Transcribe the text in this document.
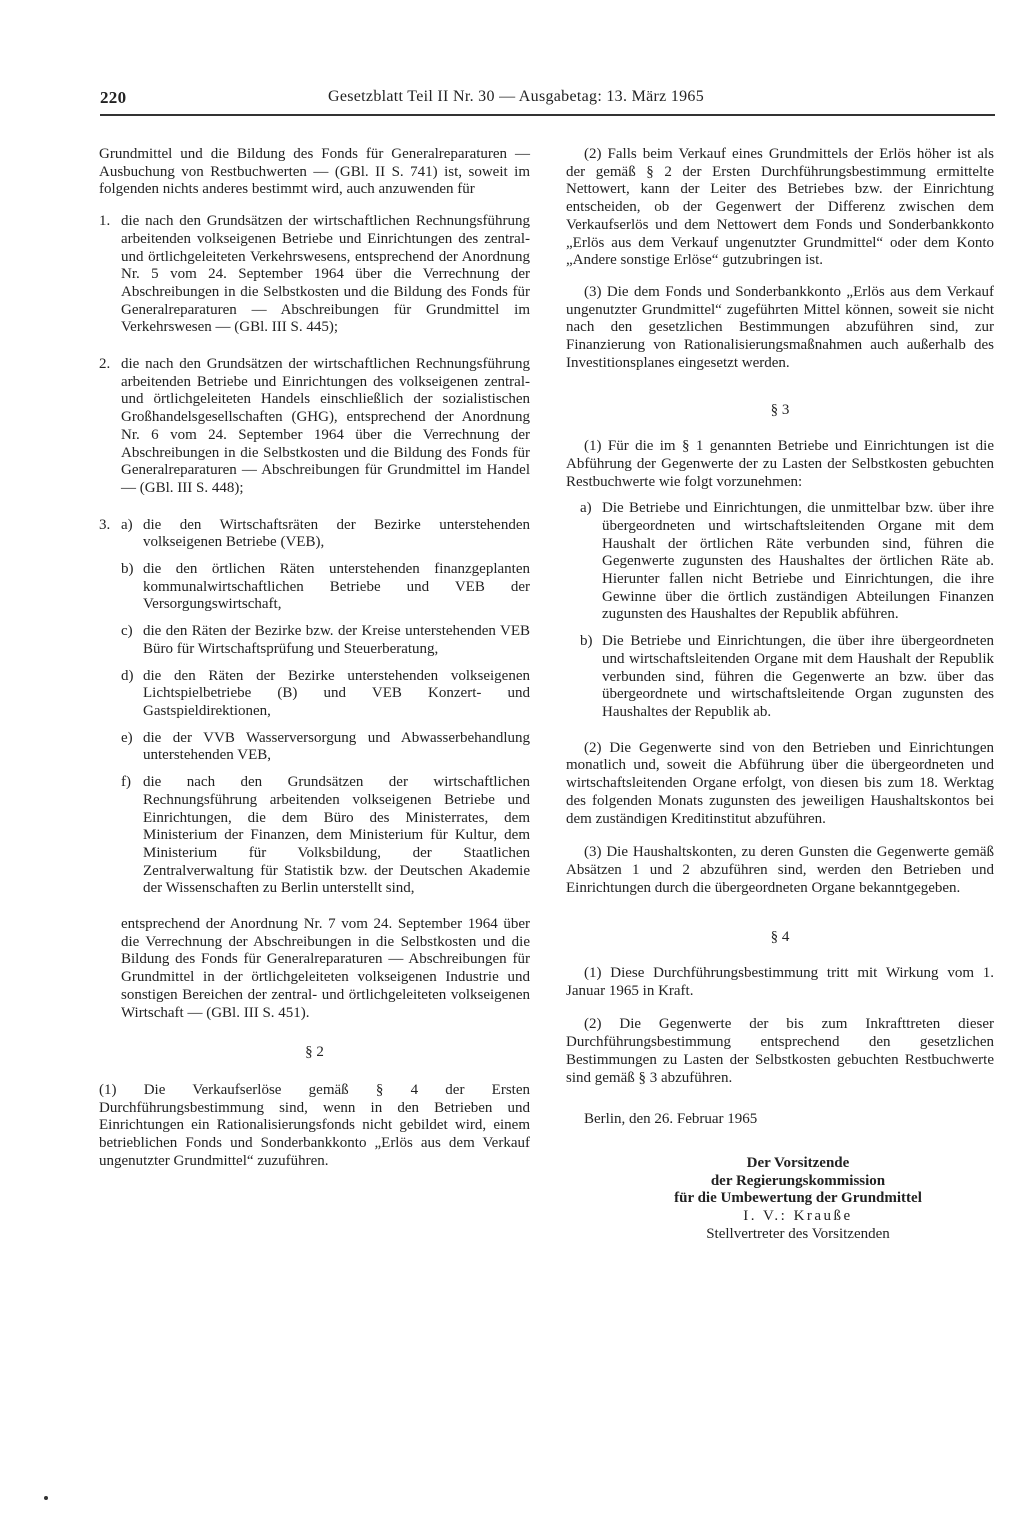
220	Gesetzblatt Teil II Nr. 30 — Ausgabetag: 13. März 1965

Grundmittel und die Bildung des Fonds für Generalreparaturen — Ausbuchung von Restbuchwerten — (GBl. II S. 741) ist, soweit im folgenden nichts anderes bestimmt wird, auch anzuwenden für

1. die nach den Grundsätzen der wirtschaftlichen Rechnungsführung arbeitenden volkseigenen Betriebe und Einrichtungen des zentral- und örtlichgeleiteten Verkehrswesens, entsprechend der Anordnung Nr. 5 vom 24. September 1964 über die Verrechnung der Abschreibungen in die Selbstkosten und die Bildung des Fonds für Generalreparaturen — Abschreibungen für Grundmittel im Verkehrswesen — (GBl. III S. 445);
2. die nach den Grundsätzen der wirtschaftlichen Rechnungsführung arbeitenden Betriebe und Einrichtungen des volkseigenen zentral- und örtlichgeleiteten Handels einschließlich der sozialistischen Großhandelsgesellschaften (GHG), entsprechend der Anordnung Nr. 6 vom 24. September 1964 über die Verrechnung der Abschreibungen in die Selbstkosten und die Bildung des Fonds für Generalreparaturen — Abschreibungen für Grundmittel im Handel — (GBl. III S. 448);
3. a) die den Wirtschaftsräten der Bezirke unterstehenden volkseigenen Betriebe (VEB),
b) die den örtlichen Räten unterstehenden finanzgeplanten kommunalwirtschaftlichen Betriebe und VEB der Versorgungswirtschaft,
c) die den Räten der Bezirke bzw. der Kreise unterstehenden VEB Büro für Wirtschaftsprüfung und Steuerberatung,
d) die den Räten der Bezirke unterstehenden volkseigenen Lichtspielbetriebe (B) und VEB Konzert- und Gastspieldirektionen,
e) die der VVB Wasserversorgung und Abwasserbehandlung unterstehenden VEB,
f) die nach den Grundsätzen der wirtschaftlichen Rechnungsführung arbeitenden volkseigenen Betriebe und Einrichtungen, die dem Büro des Ministerrates, dem Ministerium der Finanzen, dem Ministerium für Kultur, dem Ministerium für Volksbildung, der Staatlichen Zentralverwaltung für Statistik bzw. der Deutschen Akademie der Wissenschaften zu Berlin unterstellt sind,

entsprechend der Anordnung Nr. 7 vom 24. September 1964 über die Verrechnung der Abschreibungen in die Selbstkosten und die Bildung des Fonds für Generalreparaturen — Abschreibungen für Grundmittel in der örtlichgeleiteten volkseigenen Industrie und sonstigen Bereichen der zentral- und örtlichgeleiteten volkseigenen Wirtschaft — (GBl. III S. 451).

§ 2

(1) Die Verkaufserlöse gemäß § 4 der Ersten Durchführungsbestimmung sind, wenn in den Betrieben und Einrichtungen ein Rationalisierungsfonds nicht gebildet wird, einem betrieblichen Fonds und Sonderbankkonto „Erlös aus dem Verkauf ungenutzter Grundmittel“ zuzuführen.

(2) Falls beim Verkauf eines Grundmittels der Erlös höher ist als der gemäß § 2 der Ersten Durchführungsbestimmung ermittelte Nettowert, kann der Leiter des Betriebes bzw. der Einrichtung entscheiden, ob der Gegenwert der Differenz zwischen dem Verkaufserlös und dem Nettowert dem Fonds und Sonderbankkonto „Erlös aus dem Verkauf ungenutzter Grundmittel“ oder dem Konto „Andere sonstige Erlöse“ gutzubringen ist.

(3) Die dem Fonds und Sonderbankkonto „Erlös aus dem Verkauf ungenutzter Grundmittel“ zugeführten Mittel können, soweit sie nicht nach den gesetzlichen Bestimmungen abzuführen sind, zur Finanzierung von Rationalisierungsmaßnahmen auch außerhalb des Investitionsplanes eingesetzt werden.

§ 3

(1) Für die im § 1 genannten Betriebe und Einrichtungen ist die Abführung der Gegenwerte der zu Lasten der Selbstkosten gebuchten Restbuchwerte wie folgt vorzunehmen:

a) Die Betriebe und Einrichtungen, die unmittelbar bzw. über ihre übergeordneten und wirtschaftsleitenden Organe mit dem Haushalt der örtlichen Räte verbunden sind, führen die Gegenwerte zugunsten des Haushaltes der örtlichen Räte ab. Hierunter fallen nicht Betriebe und Einrichtungen, die ihre Gewinne über die örtlich zuständigen Abteilungen Finanzen zugunsten des Haushaltes der Republik abführen.
b) Die Betriebe und Einrichtungen, die über ihre übergeordneten und wirtschaftsleitenden Organe mit dem Haushalt der Republik verbunden sind, führen die Gegenwerte an bzw. über das übergeordnete und wirtschaftsleitende Organ zugunsten des Haushaltes der Republik ab.

(2) Die Gegenwerte sind von den Betrieben und Einrichtungen monatlich und, soweit die Abführung über die übergeordneten und wirtschaftsleitenden Organe erfolgt, von diesen bis zum 18. Werktag des folgenden Monats zugunsten des jeweiligen Haushaltskontos bei dem zuständigen Kreditinstitut abzuführen.

(3) Die Haushaltskonten, zu deren Gunsten die Gegenwerte gemäß Absätzen 1 und 2 abzuführen sind, werden den Betrieben und Einrichtungen durch die übergeordneten Organe bekanntgegeben.

§ 4

(1) Diese Durchführungsbestimmung tritt mit Wirkung vom 1. Januar 1965 in Kraft.

(2) Die Gegenwerte der bis zum Inkrafttreten dieser Durchführungsbestimmung entsprechend den gesetzlichen Bestimmungen zu Lasten der Selbstkosten gebuchten Restbuchwerte sind gemäß § 3 abzuführen.

Berlin, den 26. Februar 1965

Der Vorsitzende

der Regierungskommission

für die Umbewertung der Grundmittel

I. V.: Krauße

Stellvertreter des Vorsitzenden
